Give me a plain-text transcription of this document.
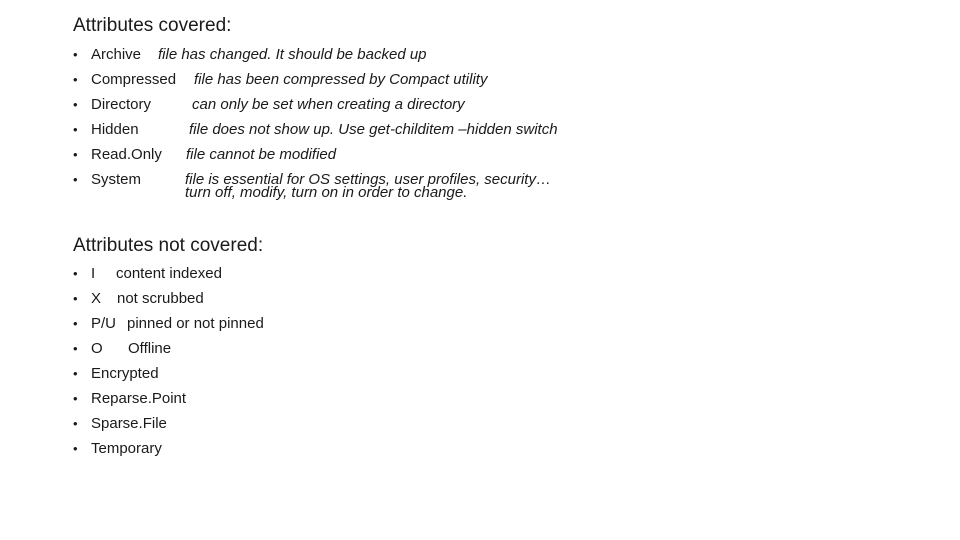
Attributes covered:
• Archive file has changed. It should be backed up
• Compressed file has been compressed by Compact utility
• Directory	can only be set when creating a directory
• Hidden	file does not show up. Use get-childitem –hidden switch
• Read.Only file cannot be modified
• System	file is essential for OS settings, user profiles, security…
turn off, modify, turn on in order to change.
Attributes not covered:
• I content indexed
• X not scrubbed
• P/U pinned or not pinned
• O Offline
• Encrypted
• Reparse.Point
• Sparse.File
• Temporary
